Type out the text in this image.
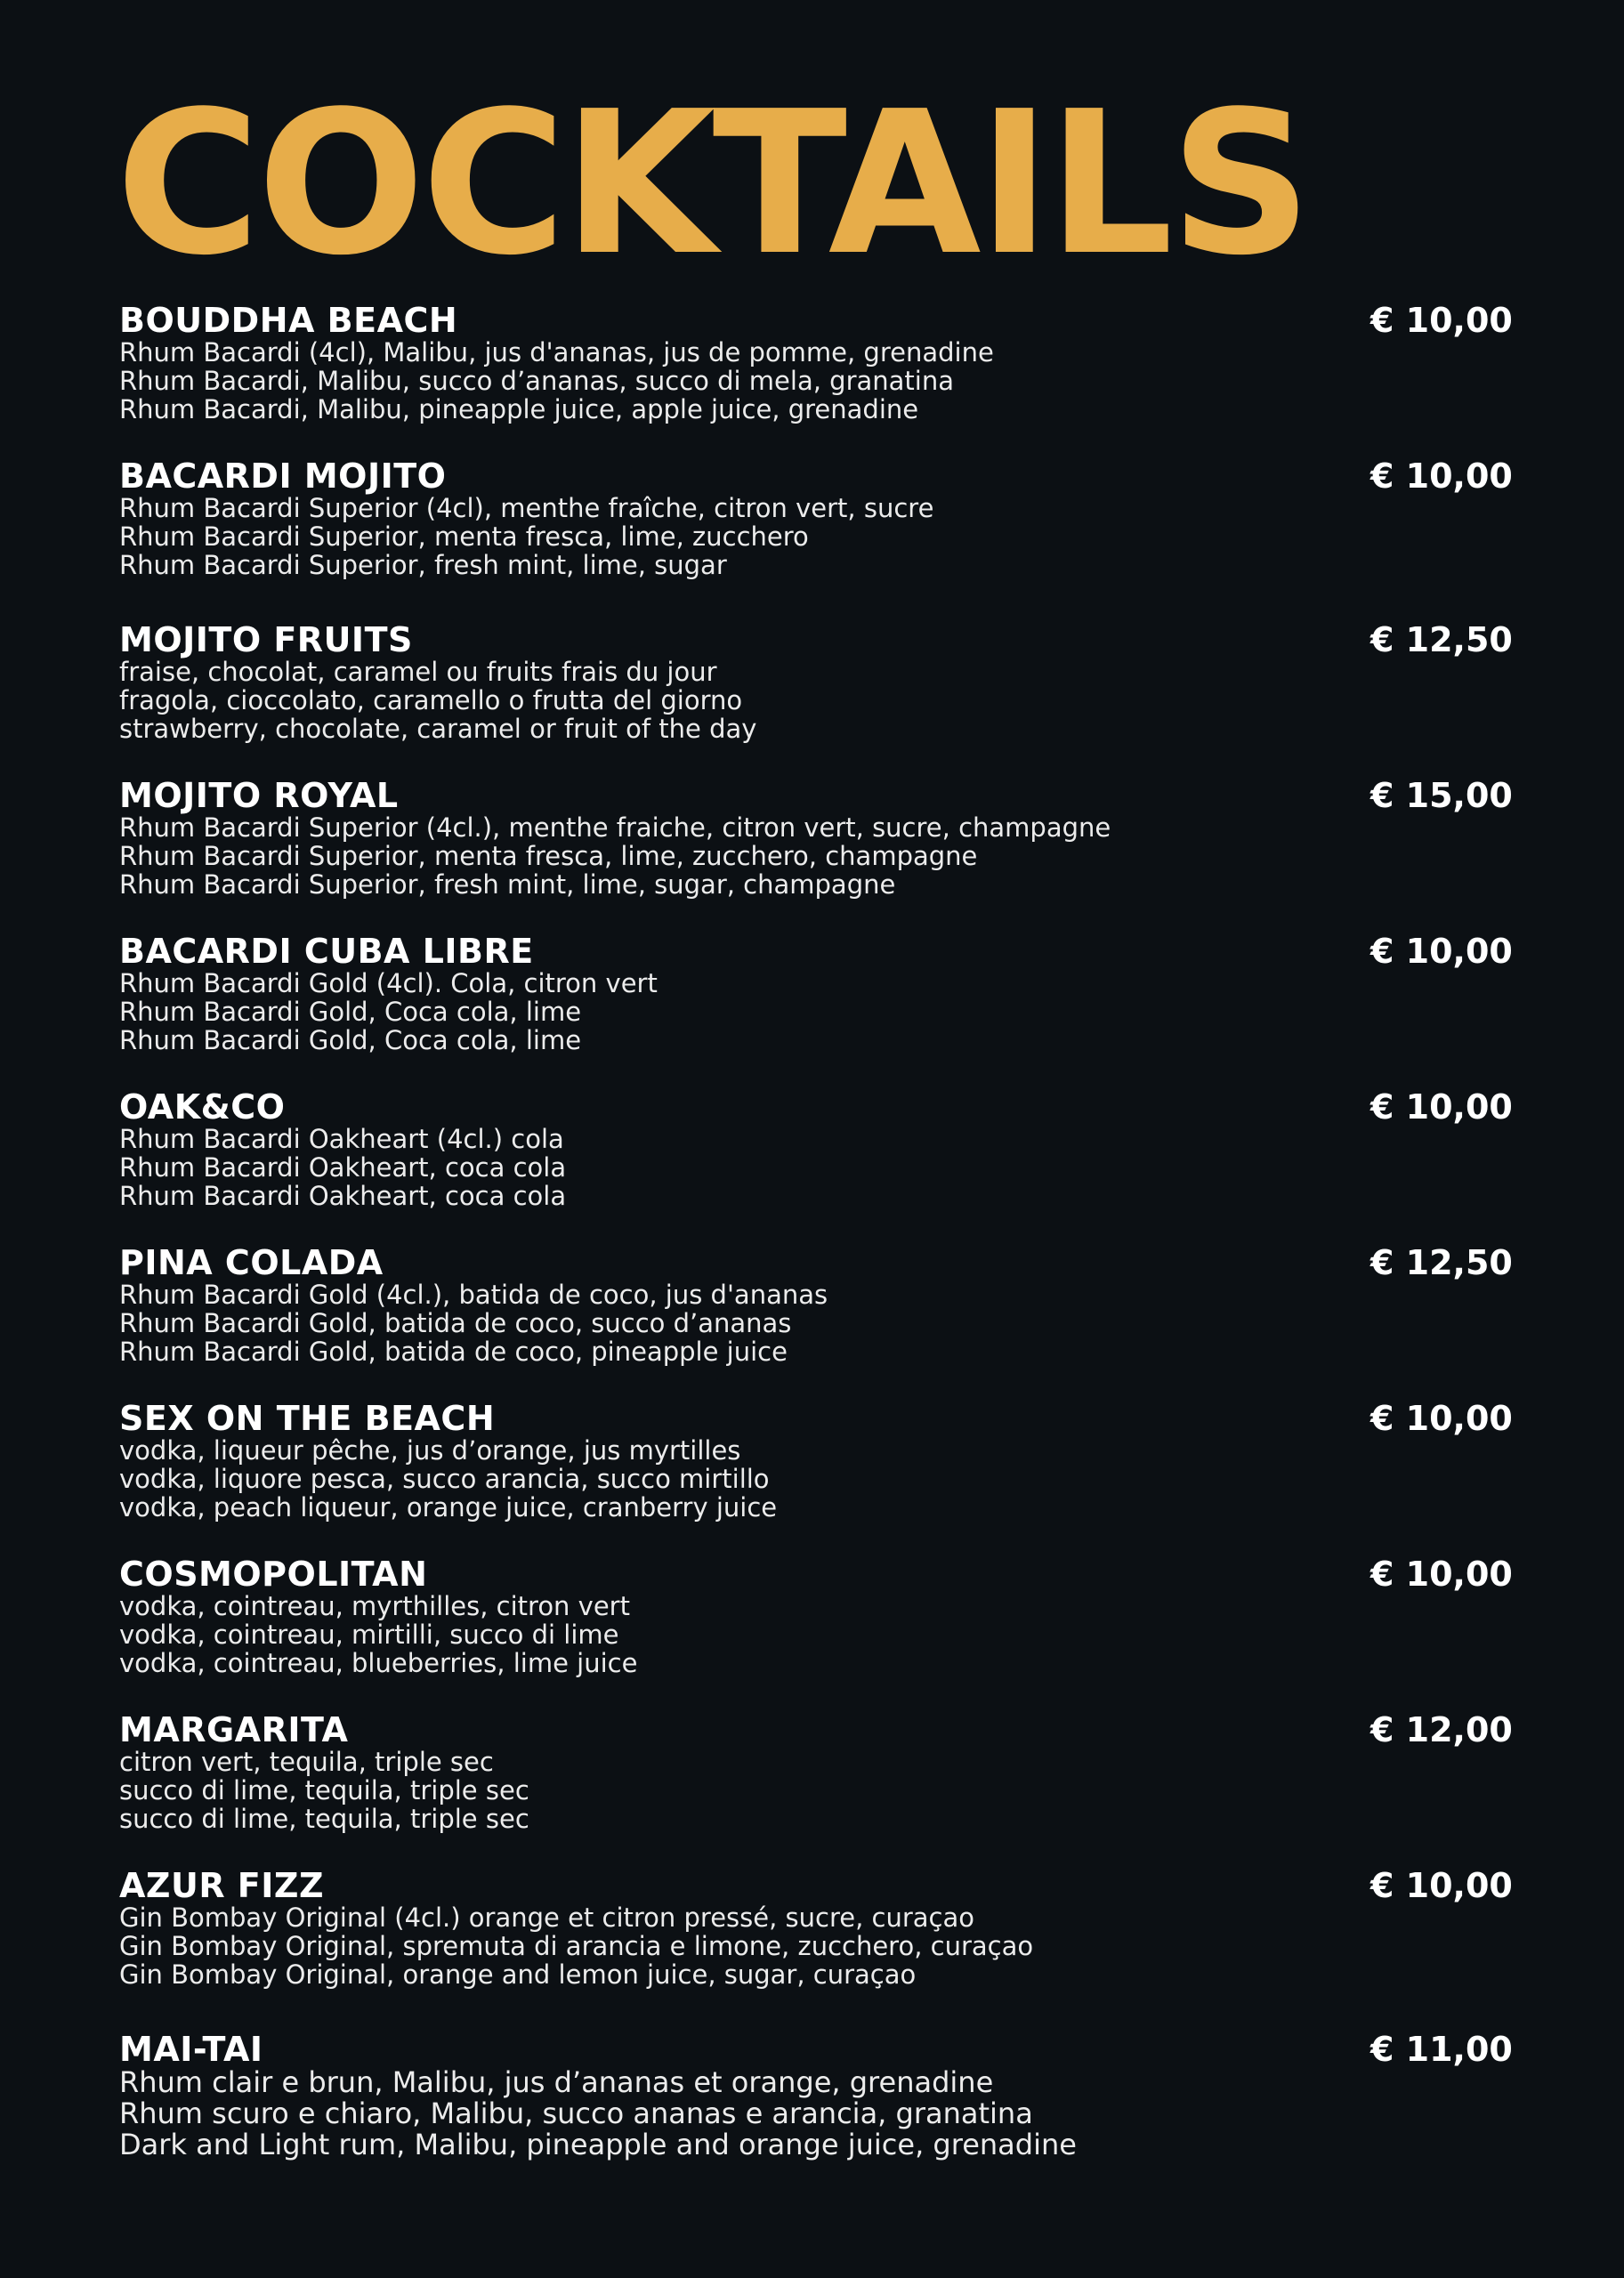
COCKTAILS
BOUDDHA BEACH	€ 10,00
Rhum Bacardi (4cl), Malibu, jus d'ananas, jus de pomme, grenadine
Rhum Bacardi, Malibu, succo d’ananas, succo di mela, granatina
Rhum Bacardi, Malibu, pineapple juice, apple juice, grenadine
BACARDI MOJITO	€ 10,00
Rhum Bacardi Superior (4cl), menthe fraîche, citron vert, sucre
Rhum Bacardi Superior, menta fresca, lime, zucchero
Rhum Bacardi Superior, fresh mint, lime, sugar
MOJITO FRUITS	€ 12,50
fraise, chocolat, caramel ou fruits frais du jour
fragola, cioccolato, caramello o frutta del giorno
strawberry, chocolate, caramel or fruit of the day
MOJITO ROYAL	€ 15,00
Rhum Bacardi Superior (4cl.), menthe fraiche, citron vert, sucre, champagne
Rhum Bacardi Superior, menta fresca, lime, zucchero, champagne
Rhum Bacardi Superior, fresh mint, lime, sugar, champagne
BACARDI CUBA LIBRE	€ 10,00
Rhum Bacardi Gold (4cl). Cola, citron vert
Rhum Bacardi Gold, Coca cola, lime
Rhum Bacardi Gold, Coca cola, lime
OAK&CO	€ 10,00
Rhum Bacardi Oakheart (4cl.) cola
Rhum Bacardi Oakheart, coca cola
Rhum Bacardi Oakheart, coca cola
PINA COLADA	€ 12,50
Rhum Bacardi Gold (4cl.), batida de coco, jus d'ananas
Rhum Bacardi Gold, batida de coco, succo d’ananas
Rhum Bacardi Gold, batida de coco, pineapple juice
SEX ON THE BEACH	€ 10,00
vodka, liqueur pêche, jus d’orange, jus myrtilles
vodka, liquore pesca, succo arancia, succo mirtillo
vodka, peach liqueur, orange juice, cranberry juice
COSMOPOLITAN	€ 10,00
vodka, cointreau, myrthilles, citron vert
vodka, cointreau, mirtilli, succo di lime
vodka, cointreau, blueberries, lime juice
MARGARITA	€ 12,00
citron vert, tequila, triple sec
succo di lime, tequila, triple sec
succo di lime, tequila, triple sec
AZUR FIZZ	€ 10,00
Gin Bombay Original (4cl.) orange et citron pressé, sucre, curaçao
Gin Bombay Original, spremuta di arancia e limone, zucchero, curaçao
Gin Bombay Original, orange and lemon juice, sugar, curaçao
MAI-TAI	€ 11,00
Rhum clair e brun, Malibu, jus d’ananas et orange, grenadine
Rhum scuro e chiaro, Malibu, succo ananas e arancia, granatina
Dark and Light rum, Malibu, pineapple and orange juice, grenadine
